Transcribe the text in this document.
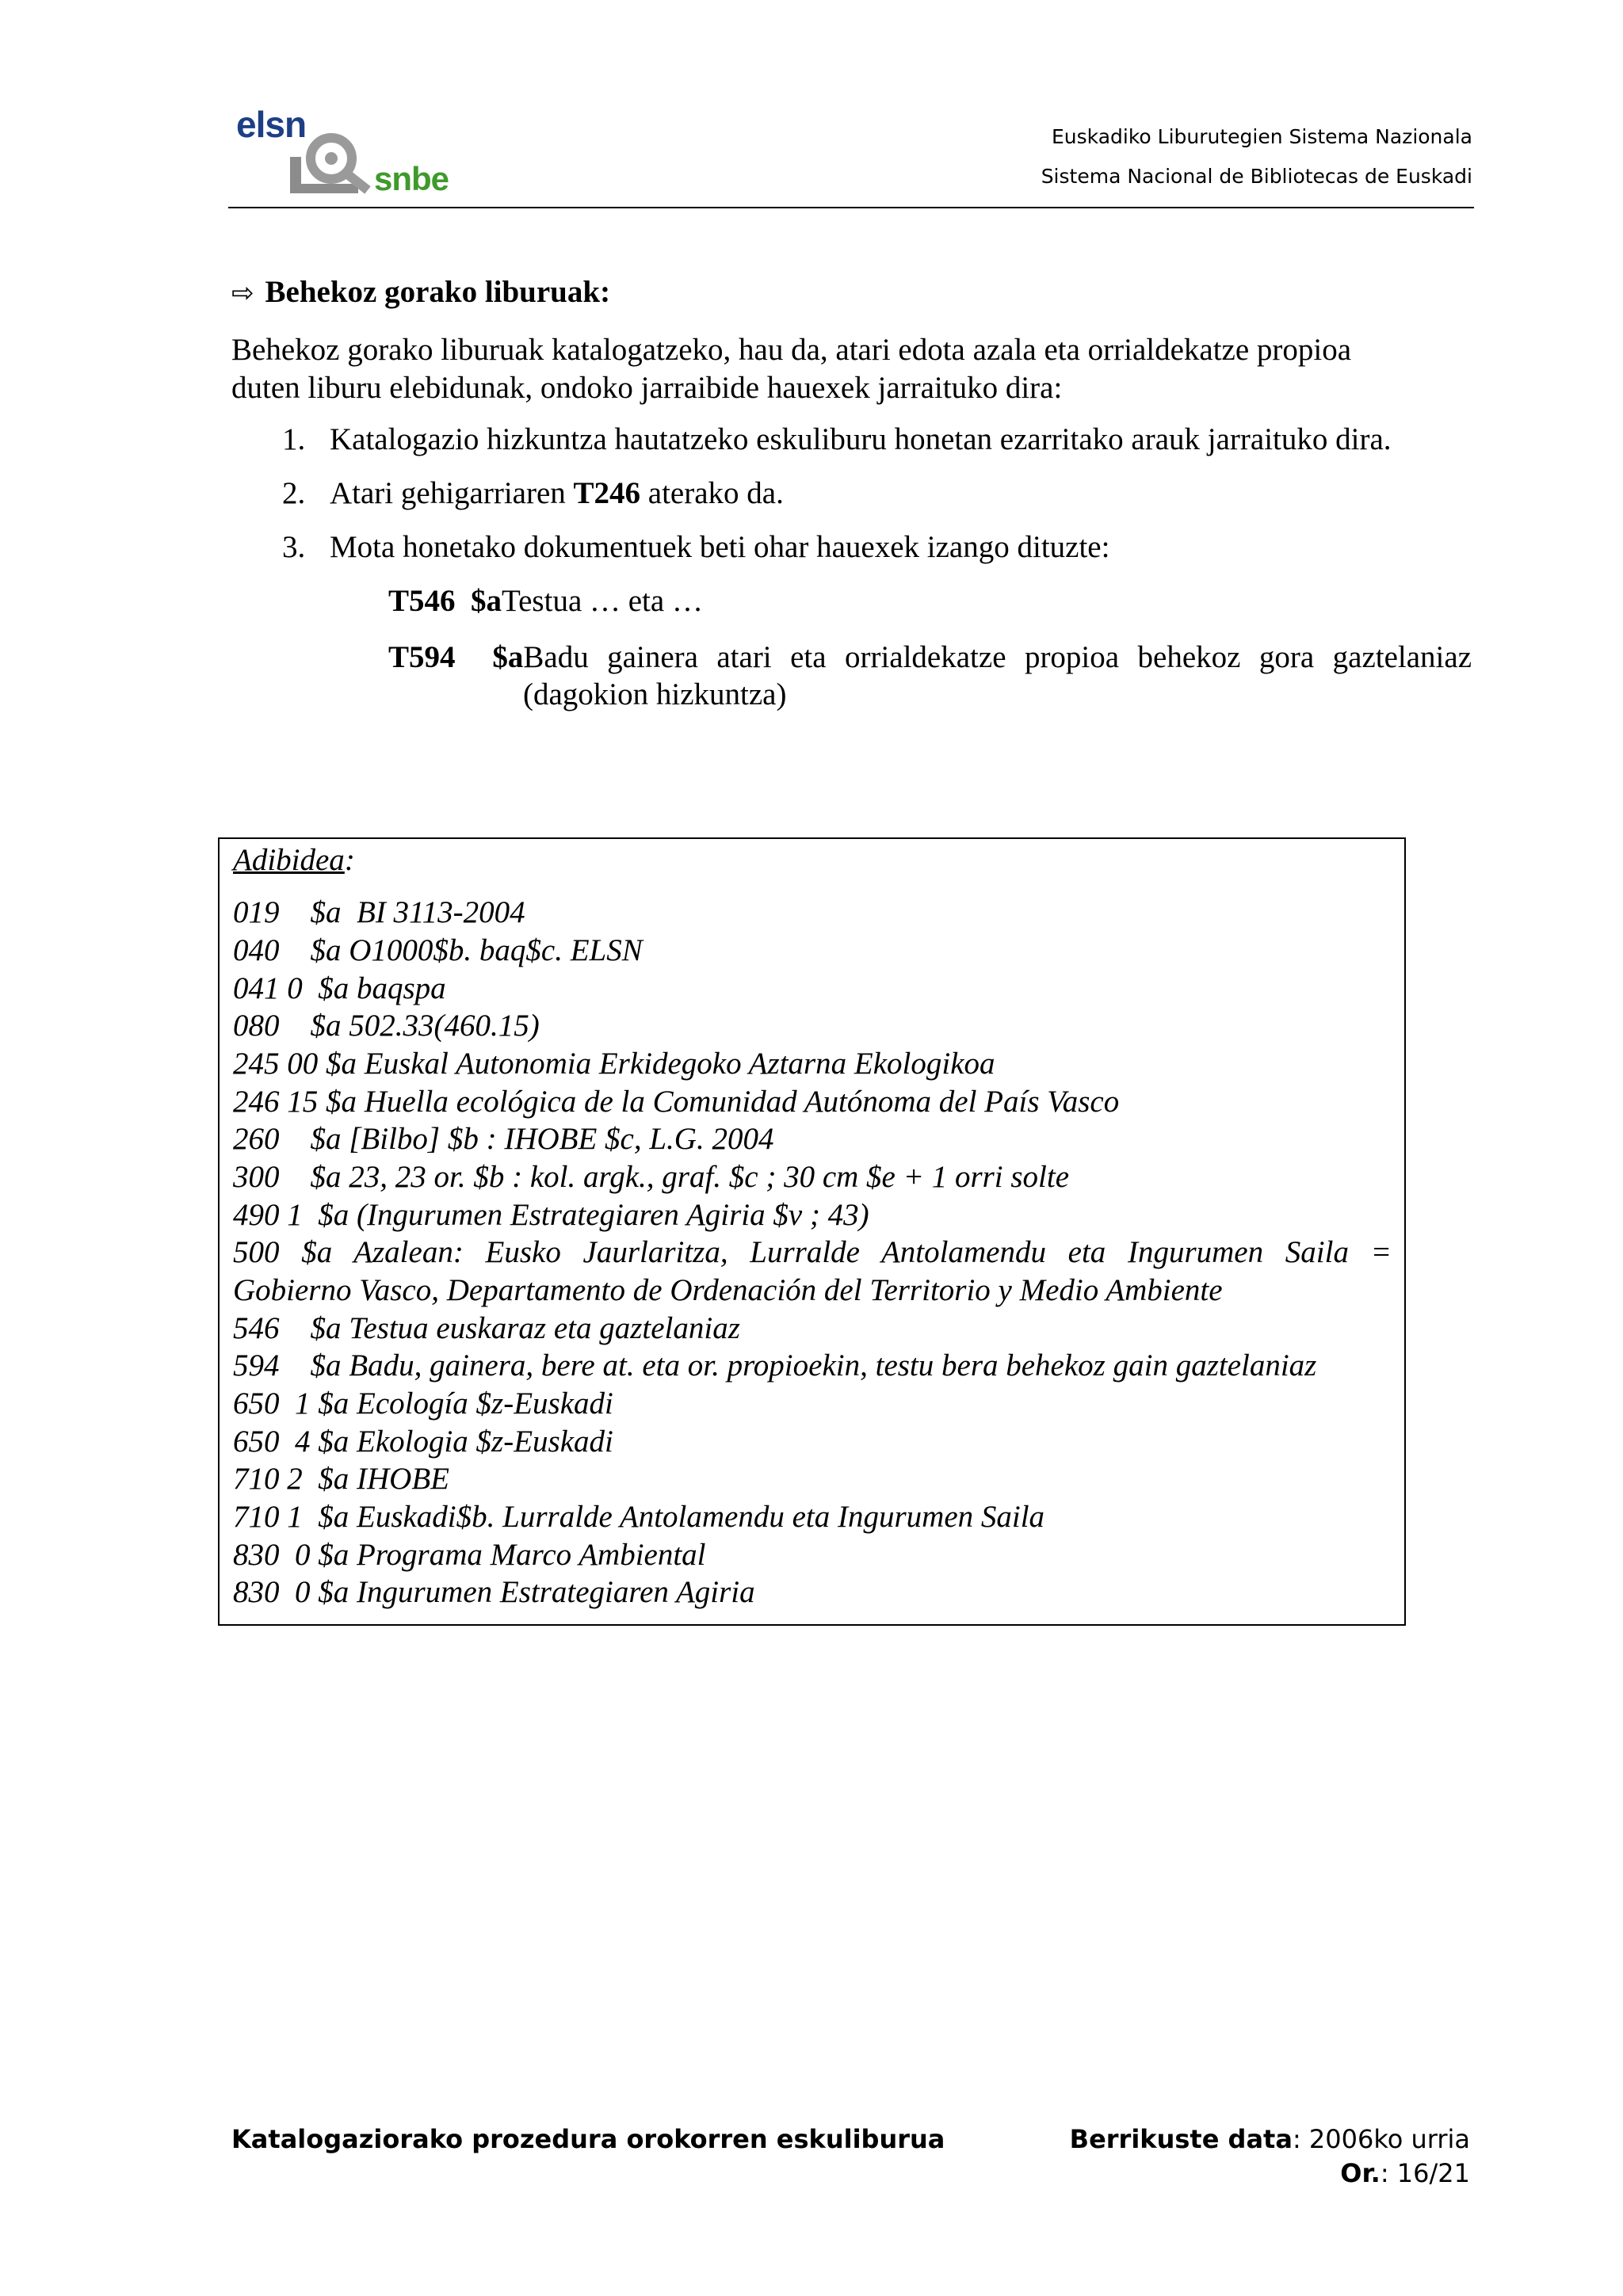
elsn
snbe
Euskadiko Liburutegien Sistema Nazionala
Sistema Nacional de Bibliotecas de Euskadi
⇨ Behekoz gorako liburuak:

Behekoz gorako liburuak katalogatzeko, hau da, atari edota azala eta orrialdekatze propioa

duten liburu elebidunak, ondoko jarraibide hauexek jarraituko dira:

1. Katalogazio hizkuntza hautatzeko eskuliburu honetan ezarritako arauk jarraituko dira.
2. Atari gehigarriaren T246 aterako da.
3. Mota honetako dokumentuek beti ohar hauexek izango dituzte:
T546  $aTestua … eta …

T594  $aBadu gainera atari eta orrialdekatze propioa behekoz gora gaztelaniaz

(dagokion hizkuntza)
Adibidea:
019    $a  BI 3113-2004
040    $a O1000$b. baq$c. ELSN
041 0  $a baqspa
080    $a 502.33(460.15)
245 00 $a Euskal Autonomia Erkidegoko Aztarna Ekologikoa
246 15 $a Huella ecológica de la Comunidad Autónoma del País Vasco
260    $a [Bilbo] $b : IHOBE $c, L.G. 2004
300    $a 23, 23 or. $b : kol. argk., graf. $c ; 30 cm $e + 1 orri solte
490 1  $a (Ingurumen Estrategiaren Agiria $v ; 43)
500 $a Azalean: Eusko Jaurlaritza, Lurralde Antolamendu eta Ingurumen Saila =
Gobierno Vasco, Departamento de Ordenación del Territorio y Medio Ambiente
546    $a Testua euskaraz eta gaztelaniaz
594    $a Badu, gainera, bere at. eta or. propioekin, testu bera behekoz gain gaztelaniaz
650  1 $a Ecología $z-Euskadi
650  4 $a Ekologia $z-Euskadi
710 2  $a IHOBE
710 1  $a Euskadi$b. Lurralde Antolamendu eta Ingurumen Saila
830  0 $a Programa Marco Ambiental
830  0 $a Ingurumen Estrategiaren Agiria
Katalogaziorako prozedura orokorren eskuliburua	Berrikuste data: 2006ko urria
Or.: 16/21
